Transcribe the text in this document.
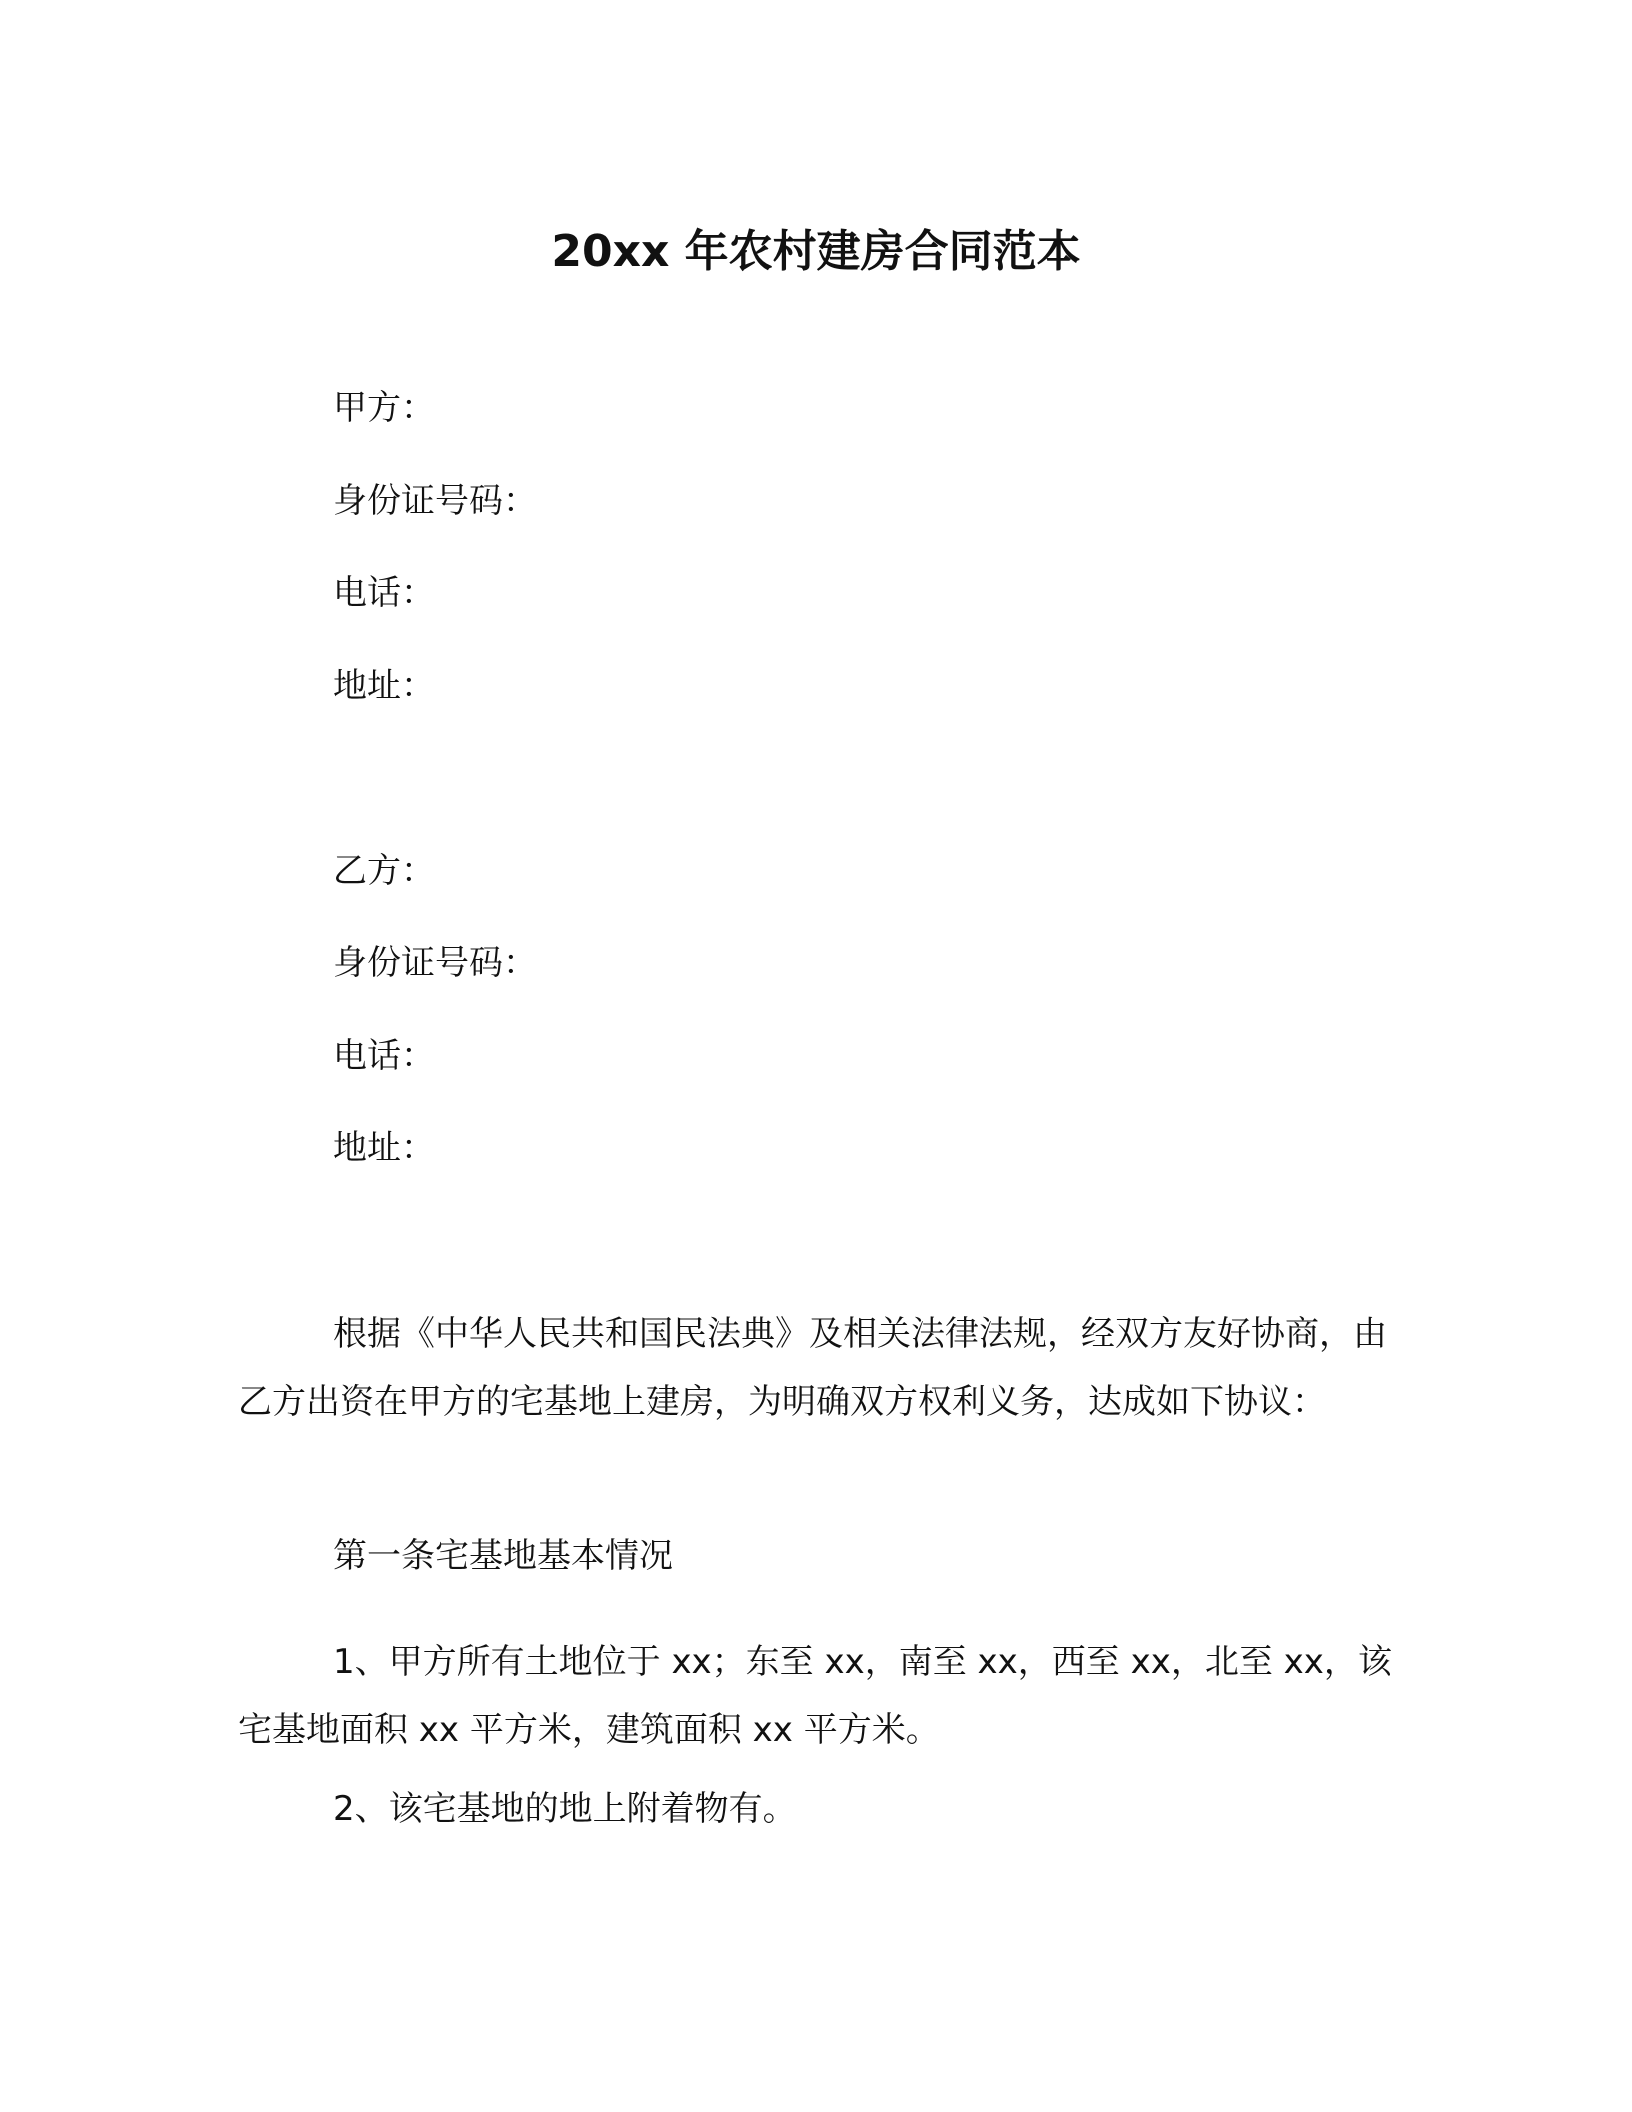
20xx 年农村建房合同范本
甲方：
身份证号码：
电话：
地址：
乙方：
身份证号码：
电话：
地址：

根据《中华人民共和国民法典》及相关法律法规，经双方友好协商，由乙方出资在甲方的宅基地上建房，为明确双方权利义务，达成如下协议：

第一条宅基地基本情况

1、甲方所有土地位于 xx；东至 xx，南至 xx，西至 xx，北至 xx，该宅基地面积 xx 平方米，建筑面积 xx 平方米。

2、该宅基地的地上附着物有。
